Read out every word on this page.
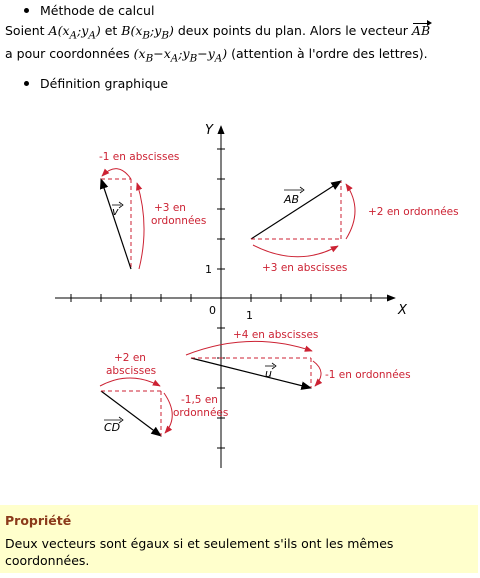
Méthode de calcul
Soient $A(x_A;y_A)$ et $B(x_B;y_B)$ deux points du plan. Alors le vecteur AB
a pour coordonnées $(x_B-x_A;y_B-y_A)$ (attention à l'ordre des lettres).
Définition graphique
X
Y
0	1
1
v
-1 en abscisses
+3 en
ordonnées
AB
+2 en ordonnées
+3 en abscisses
u
+4 en abscisses
-1 en ordonnées
CD
+2 en
abscisses
-1,5 en
ordonnées
Propriété
Deux vecteurs sont égaux si et seulement s'ils ont les mêmes coordonnées.
